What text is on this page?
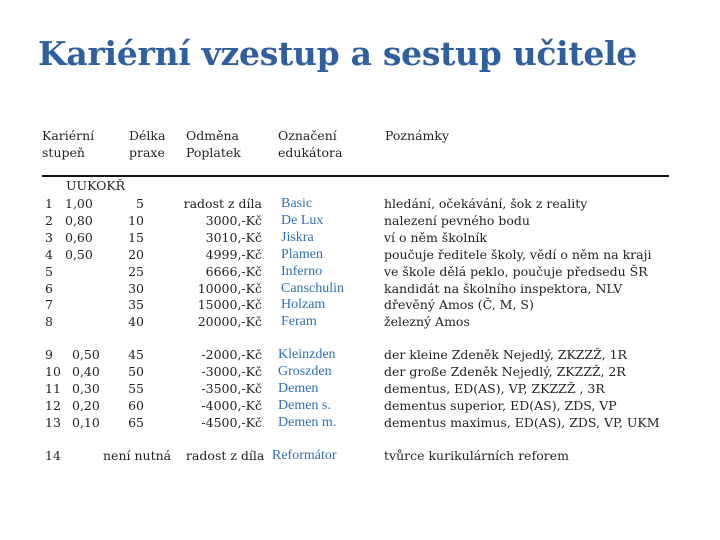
Kariérní vzestup a sestup učitele
Kariérní
stupeň
Délka
praxe
Odměna
Poplatek
Označení
edukátora
Poznámky
UUKOKŘ
1
2
3
4
5
6
7
8
1,00
0,80
0,60
0,50
5
10
15
20
25
30
35
40
radost z díla
3000,-Kč
3010,-Kč
4999,-Kč
6666,-Kč
10000,-Kč
15000,-Kč
20000,-Kč
Basic
De Lux
Jiskra
Plamen
Inferno
Canschulin
Holzam
Feram
hledání, očekávání, šok z reality
nalezení pevného bodu
ví o něm školník
poučuje ředitele školy, vědí o něm na kraji
ve škole dělá peklo, poučuje předsedu ŠR
kandidát na školního inspektora, NLV
dřevěný Amos (Č, M, S)
železný Amos
9
10
11
12
13
0,50
0,40
0,30
0,20
0,10
45
50
55
60
65
-2000,-Kč
-3000,-Kč
-3500,-Kč
-4000,-Kč
-4500,-Kč
Kleinzden
Groszden
Demen
Demen s.
Demen m.
der kleine Zdeněk Nejedlý, ZKZZŽ, 1R
der große Zdeněk Nejedlý, ZKZZŽ, 2R
dementus, ED(AS), VP, ZKZZŽ , 3R
dementus superior, ED(AS), ZDS, VP
dementus maximus, ED(AS), ZDS, VP, UKM
14	není nutná radost z díla Reformátor	tvůrce kurikulárních reforem
